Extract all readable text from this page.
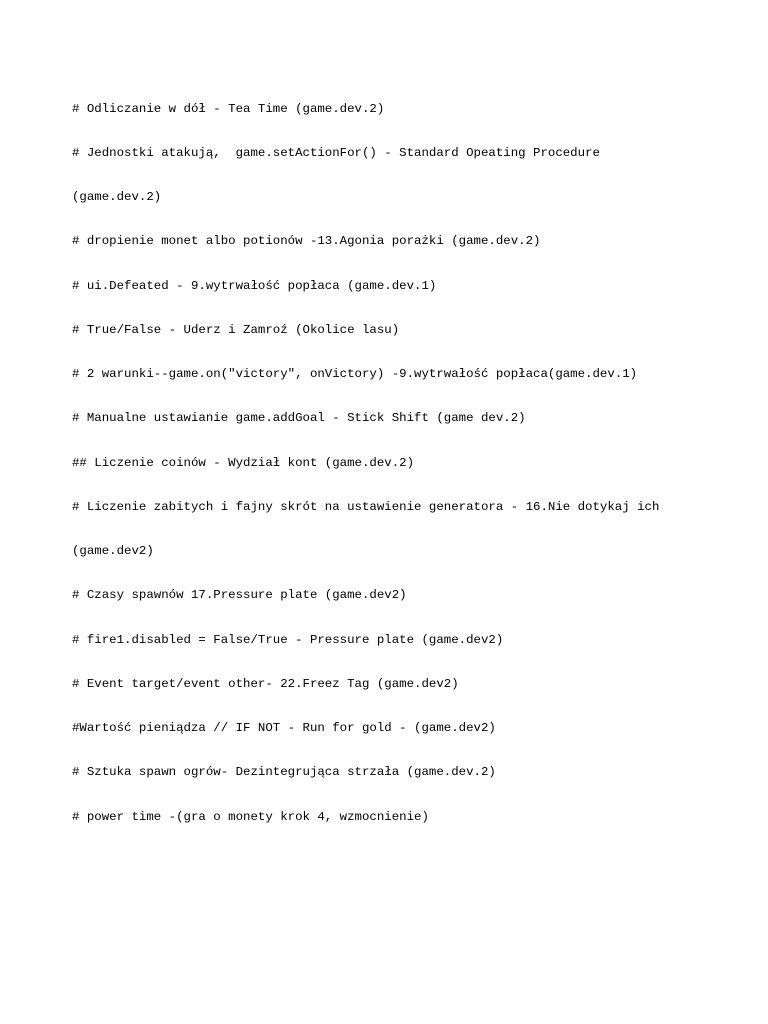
# Odliczanie w dół - Tea Time (game.dev.2)

# Jednostki atakują,  game.setActionFor() - Standard Opeating Procedure

(game.dev.2)

# dropienie monet albo potionów -13.Agonia porażki (game.dev.2)

# ui.Defeated - 9.wytrwałość popłaca (game.dev.1)

# True/False - Uderz i Zamroź (Okolice lasu)

# 2 warunki--game.on("victory", onVictory) -9.wytrwałość popłaca(game.dev.1)

# Manualne ustawianie game.addGoal - Stick Shift (game dev.2)

## Liczenie coinów - Wydział kont (game.dev.2)

# Liczenie zabitych i fajny skrót na ustawienie generatora - 16.Nie dotykaj ich

(game.dev2)

# Czasy spawnów 17.Pressure plate (game.dev2)

# fire1.disabled = False/True - Pressure plate (game.dev2)

# Event target/event other- 22.Freez Tag (game.dev2)

#Wartość pieniądza // IF NOT - Run for gold - (game.dev2)

# Sztuka spawn ogrów- Dezintegrująca strzała (game.dev.2)

# power time -(gra o monety krok 4, wzmocnienie)
